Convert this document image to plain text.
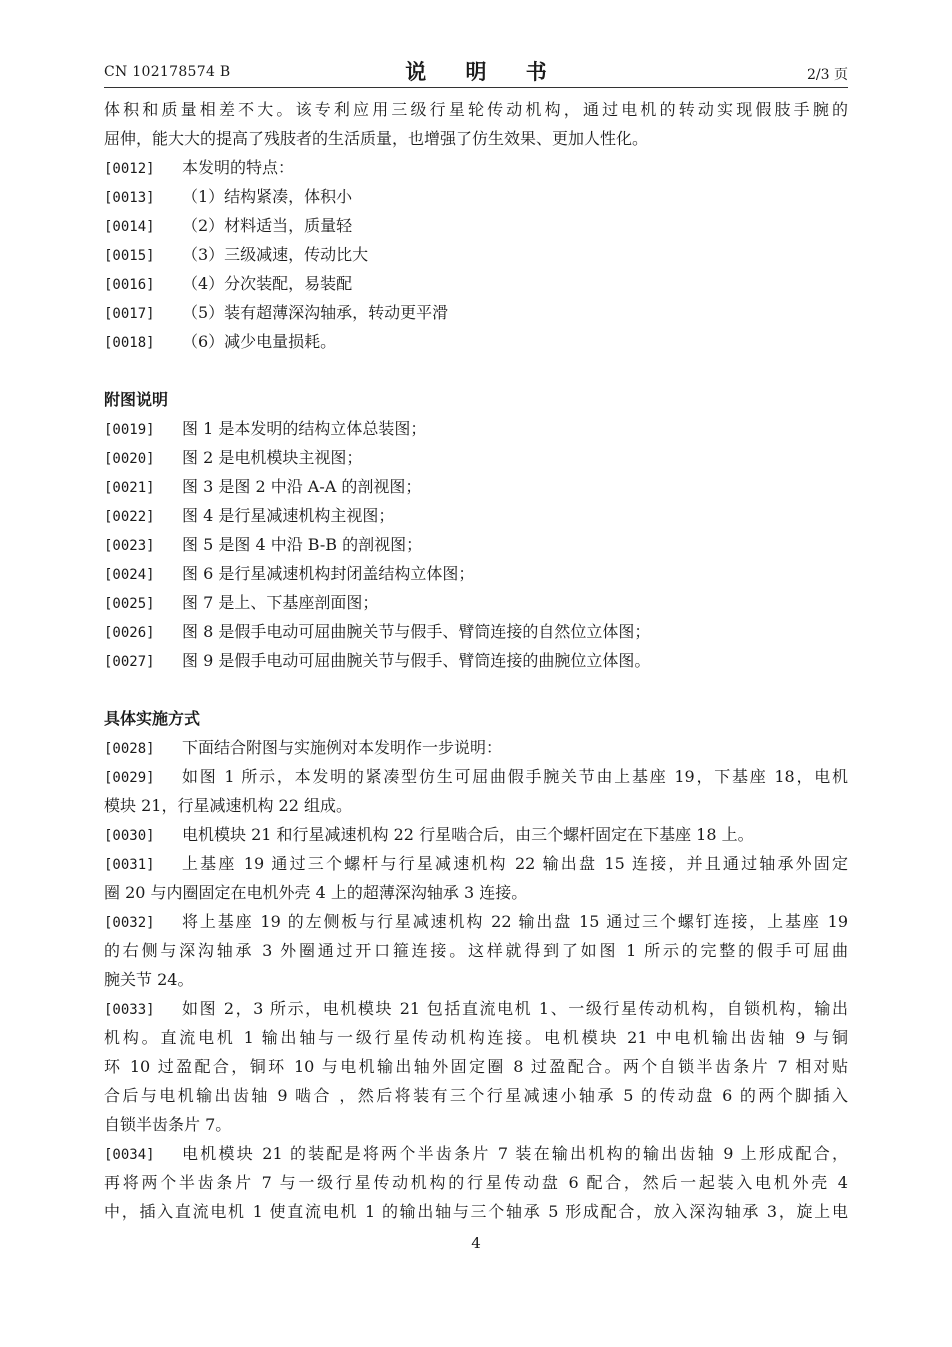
CN 102178574 B	说 明 书	2/3 页
体积和质量相差不大。该专利应用三级行星轮传动机构，通过电机的转动实现假肢手腕的
屈伸，能大大的提高了残肢者的生活质量，也增强了仿生效果、更加人性化。
[0012] 本发明的特点：
[0013] （1）结构紧凑，体积小
[0014] （2）材料适当，质量轻
[0015] （3）三级减速，传动比大
[0016] （4）分次装配，易装配
[0017] （5）装有超薄深沟轴承，转动更平滑
[0018] （6）减少电量损耗。
附图说明
[0019] 图 1 是本发明的结构立体总装图；
[0020] 图 2 是电机模块主视图；
[0021] 图 3 是图 2 中沿 A-A 的剖视图；
[0022] 图 4 是行星减速机构主视图；
[0023] 图 5 是图 4 中沿 B-B 的剖视图；
[0024] 图 6 是行星减速机构封闭盖结构立体图；
[0025] 图 7 是上、下基座剖面图；
[0026] 图 8 是假手电动可屈曲腕关节与假手、臂筒连接的自然位立体图；
[0027] 图 9 是假手电动可屈曲腕关节与假手、臂筒连接的曲腕位立体图。
具体实施方式
[0028] 下面结合附图与实施例对本发明作一步说明：
[0029] 如图 1 所示，本发明的紧凑型仿生可屈曲假手腕关节由上基座 19，下基座 18，电机
模块 21，行星减速机构 22 组成。
[0030] 电机模块 21 和行星减速机构 22 行星啮合后，由三个螺杆固定在下基座 18 上。
[0031] 上基座 19 通过三个螺杆与行星减速机构 22 输出盘 15 连接，并且通过轴承外固定
圈 20 与内圈固定在电机外壳 4 上的超薄深沟轴承 3 连接。
[0032] 将上基座 19 的左侧板与行星减速机构 22 输出盘 15 通过三个螺钉连接，上基座 19
的右侧与深沟轴承 3 外圈通过开口箍连接。这样就得到了如图 1 所示的完整的假手可屈曲
腕关节 24。
[0033] 如图 2，3 所示，电机模块 21 包括直流电机 1、一级行星传动机构，自锁机构，输出
机构。直流电机 1 输出轴与一级行星传动机构连接。电机模块 21 中电机输出齿轴 9 与铜
环 10 过盈配合，铜环 10 与电机输出轴外固定圈 8 过盈配合。两个自锁半齿条片 7 相对贴
合后与电机输出齿轴 9 啮合 ，然后将装有三个行星减速小轴承 5 的传动盘 6 的两个脚插入
自锁半齿条片 7。
[0034] 电机模块 21 的装配是将两个半齿条片 7 装在输出机构的输出齿轴 9 上形成配合，
再将两个半齿条片 7 与一级行星传动机构的行星传动盘 6 配合，然后一起装入电机外壳 4
中，插入直流电机 1 使直流电机 1 的输出轴与三个轴承 5 形成配合，放入深沟轴承 3，旋上电
4
